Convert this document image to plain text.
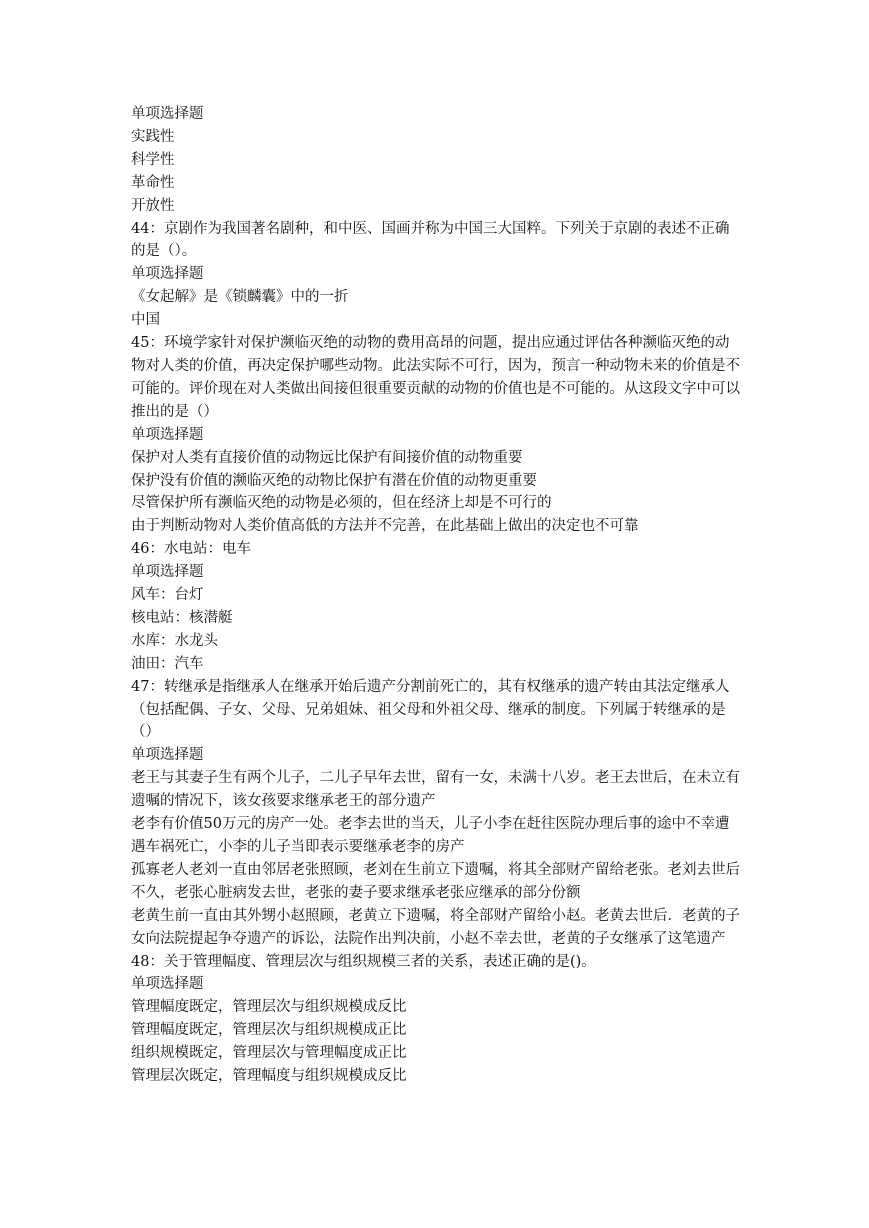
单项选择题
实践性
科学性
革命性
开放性
44：京剧作为我国著名剧种，和中医、国画并称为中国三大国粹。下列关于京剧的表述不正确的是（）。
单项选择题
《女起解》是《锁麟囊》中的一折
中国
45：环境学家针对保护濒临灭绝的动物的费用高昂的问题，提出应通过评估各种濒临灭绝的动物对人类的价值，再决定保护哪些动物。此法实际不可行，因为，预言一种动物未来的价值是不可能的。评价现在对人类做出间接但很重要贡献的动物的价值也是不可能的。从这段文字中可以推出的是（）
单项选择题
保护对人类有直接价值的动物远比保护有间接价值的动物重要
保护没有价值的濒临灭绝的动物比保护有潜在价值的动物更重要
尽管保护所有濒临灭绝的动物是必须的，但在经济上却是不可行的
由于判断动物对人类价值高低的方法并不完善，在此基础上做出的决定也不可靠
46：水电站：电车
单项选择题
风车：台灯
核电站：核潜艇
水库：水龙头
油田：汽车
47：转继承是指继承人在继承开始后遗产分割前死亡的，其有权继承的遗产转由其法定继承人（包括配偶、子女、父母、兄弟姐妹、祖父母和外祖父母、继承的制度。下列属于转继承的是（）
单项选择题
老王与其妻子生有两个儿子，二儿子早年去世，留有一女，未满十八岁。老王去世后，在未立有遗嘱的情况下，该女孩要求继承老王的部分遗产
老李有价值50万元的房产一处。老李去世的当天，儿子小李在赶往医院办理后事的途中不幸遭遇车祸死亡，小李的儿子当即表示要继承老李的房产
孤寡老人老刘一直由邻居老张照顾，老刘在生前立下遗嘱，将其全部财产留给老张。老刘去世后不久，老张心脏病发去世，老张的妻子要求继承老张应继承的部分份额
老黄生前一直由其外甥小赵照顾，老黄立下遗嘱，将全部财产留给小赵。老黄去世后．老黄的子女向法院提起争夺遗产的诉讼，法院作出判决前，小赵不幸去世，老黄的子女继承了这笔遗产
48：关于管理幅度、管理层次与组织规模三者的关系，表述正确的是()。
单项选择题
管理幅度既定，管理层次与组织规模成反比
管理幅度既定，管理层次与组织规模成正比
组织规模既定，管理层次与管理幅度成正比
管理层次既定，管理幅度与组织规模成反比
